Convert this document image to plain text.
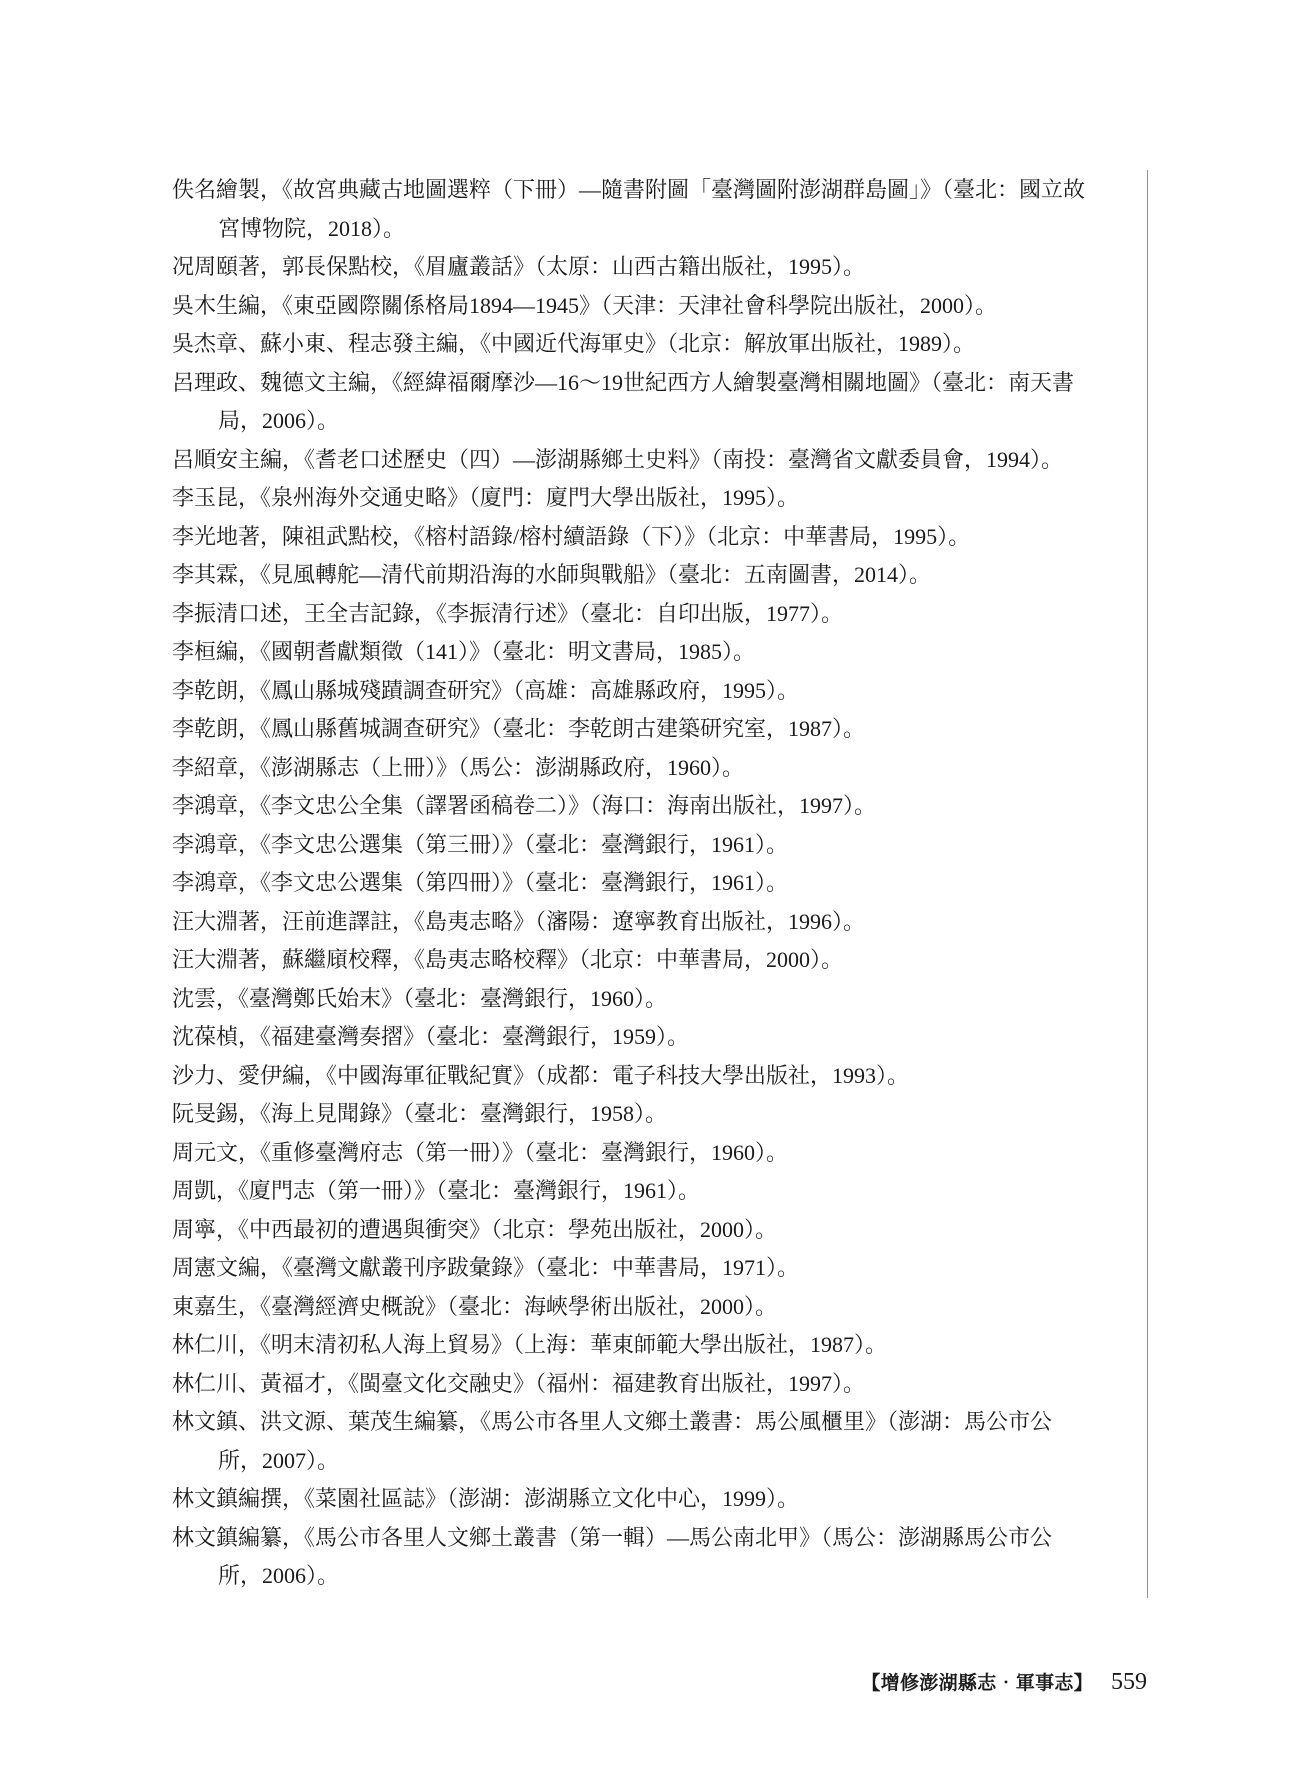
佚名繪製，《故宮典藏古地圖選粹（下冊）—隨書附圖「臺灣圖附澎湖群島圖」》（臺北：國立故
宮博物院，2018）。
况周頤著，郭長保點校，《眉廬叢話》（太原：山西古籍出版社，1995）。
吳木生編，《東亞國際關係格局1894—1945》（天津：天津社會科學院出版社，2000）。
吳杰章、蘇小東、程志發主編，《中國近代海軍史》（北京：解放軍出版社，1989）。
呂理政、魏德文主編，《經緯福爾摩沙—16～19世紀西方人繪製臺灣相關地圖》（臺北：南天書
局，2006）。
呂順安主編，《耆老口述歷史（四）—澎湖縣鄉土史料》（南投：臺灣省文獻委員會，1994）。
李玉昆，《泉州海外交通史略》（廈門：廈門大學出版社，1995）。
李光地著，陳祖武點校，《榕村語錄/榕村續語錄（下）》（北京：中華書局，1995）。
李其霖，《見風轉舵—清代前期沿海的水師與戰船》（臺北：五南圖書，2014）。
李振清口述，王全吉記錄，《李振清行述》（臺北：自印出版，1977）。
李桓編，《國朝耆獻類徵（141）》（臺北：明文書局，1985）。
李乾朗，《鳳山縣城殘蹟調查研究》（高雄：高雄縣政府，1995）。
李乾朗，《鳳山縣舊城調查研究》（臺北：李乾朗古建築研究室，1987）。
李紹章，《澎湖縣志（上冊）》（馬公：澎湖縣政府，1960）。
李鴻章，《李文忠公全集（譯署函稿卷二）》（海口：海南出版社，1997）。
李鴻章，《李文忠公選集（第三冊）》（臺北：臺灣銀行，1961）。
李鴻章，《李文忠公選集（第四冊）》（臺北：臺灣銀行，1961）。
汪大淵著，汪前進譯註，《島夷志略》（瀋陽：遼寧教育出版社，1996）。
汪大淵著，蘇繼廎校釋，《島夷志略校釋》（北京：中華書局，2000）。
沈雲，《臺灣鄭氏始末》（臺北：臺灣銀行，1960）。
沈葆楨，《福建臺灣奏摺》（臺北：臺灣銀行，1959）。
沙力、愛伊編，《中國海軍征戰紀實》（成都：電子科技大學出版社，1993）。
阮旻錫，《海上見聞錄》（臺北：臺灣銀行，1958）。
周元文，《重修臺灣府志（第一冊）》（臺北：臺灣銀行，1960）。
周凱，《廈門志（第一冊）》（臺北：臺灣銀行，1961）。
周寧，《中西最初的遭遇與衝突》（北京：學苑出版社，2000）。
周憲文編，《臺灣文獻叢刊序跋彙錄》（臺北：中華書局，1971）。
東嘉生，《臺灣經濟史概說》（臺北：海峽學術出版社，2000）。
林仁川，《明末清初私人海上貿易》（上海：華東師範大學出版社，1987）。
林仁川、黃福才，《閩臺文化交融史》（福州：福建教育出版社，1997）。
林文鎮、洪文源、葉茂生編纂，《馬公市各里人文鄉土叢書：馬公風櫃里》（澎湖：馬公市公
所，2007）。
林文鎮編撰，《菜園社區誌》（澎湖：澎湖縣立文化中心，1999）。
林文鎮編纂，《馬公市各里人文鄉土叢書（第一輯）—馬公南北甲》（馬公：澎湖縣馬公市公
所，2006）。
【增修澎湖縣志‧軍事志】 559
